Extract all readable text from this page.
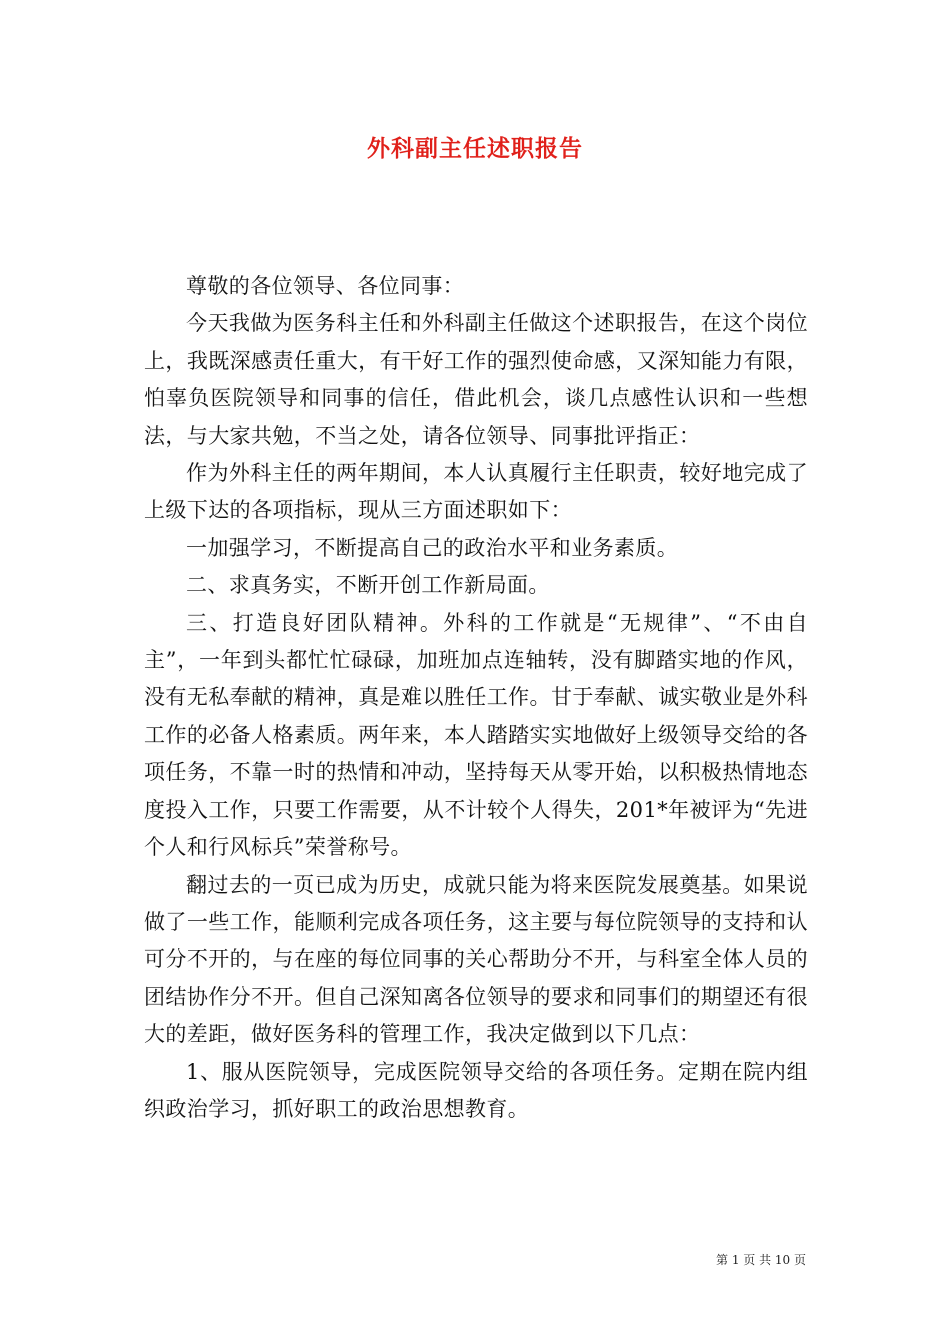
外科副主任述职报告

尊敬的各位领导、各位同事：

今天我做为医务科主任和外科副主任做这个述职报告，在这个岗位上，我既深感责任重大，有干好工作的强烈使命感，又深知能力有限，怕辜负医院领导和同事的信任，借此机会，谈几点感性认识和一些想法，与大家共勉，不当之处，请各位领导、同事批评指正：

作为外科主任的两年期间，本人认真履行主任职责，较好地完成了上级下达的各项指标，现从三方面述职如下：

一加强学习，不断提高自己的政治水平和业务素质。

二、求真务实，不断开创工作新局面。

三、打造良好团队精神。外科的工作就是“无规律”、“不由自主”，一年到头都忙忙碌碌，加班加点连轴转，没有脚踏实地的作风，没有无私奉献的精神，真是难以胜任工作。甘于奉献、诚实敬业是外科工作的必备人格素质。两年来，本人踏踏实实地做好上级领导交给的各项任务，不靠一时的热情和冲动，坚持每天从零开始，以积极热情地态度投入工作，只要工作需要，从不计较个人得失，201*年被评为“先进个人和行风标兵”荣誉称号。

翻过去的一页已成为历史，成就只能为将来医院发展奠基。如果说做了一些工作，能顺利完成各项任务，这主要与每位院领导的支持和认可分不开的，与在座的每位同事的关心帮助分不开，与科室全体人员的团结协作分不开。但自己深知离各位领导的要求和同事们的期望还有很大的差距，做好医务科的管理工作，我决定做到以下几点：

1、服从医院领导，完成医院领导交给的各项任务。定期在院内组织政治学习，抓好职工的政治思想教育。

第 1 页 共 10 页
